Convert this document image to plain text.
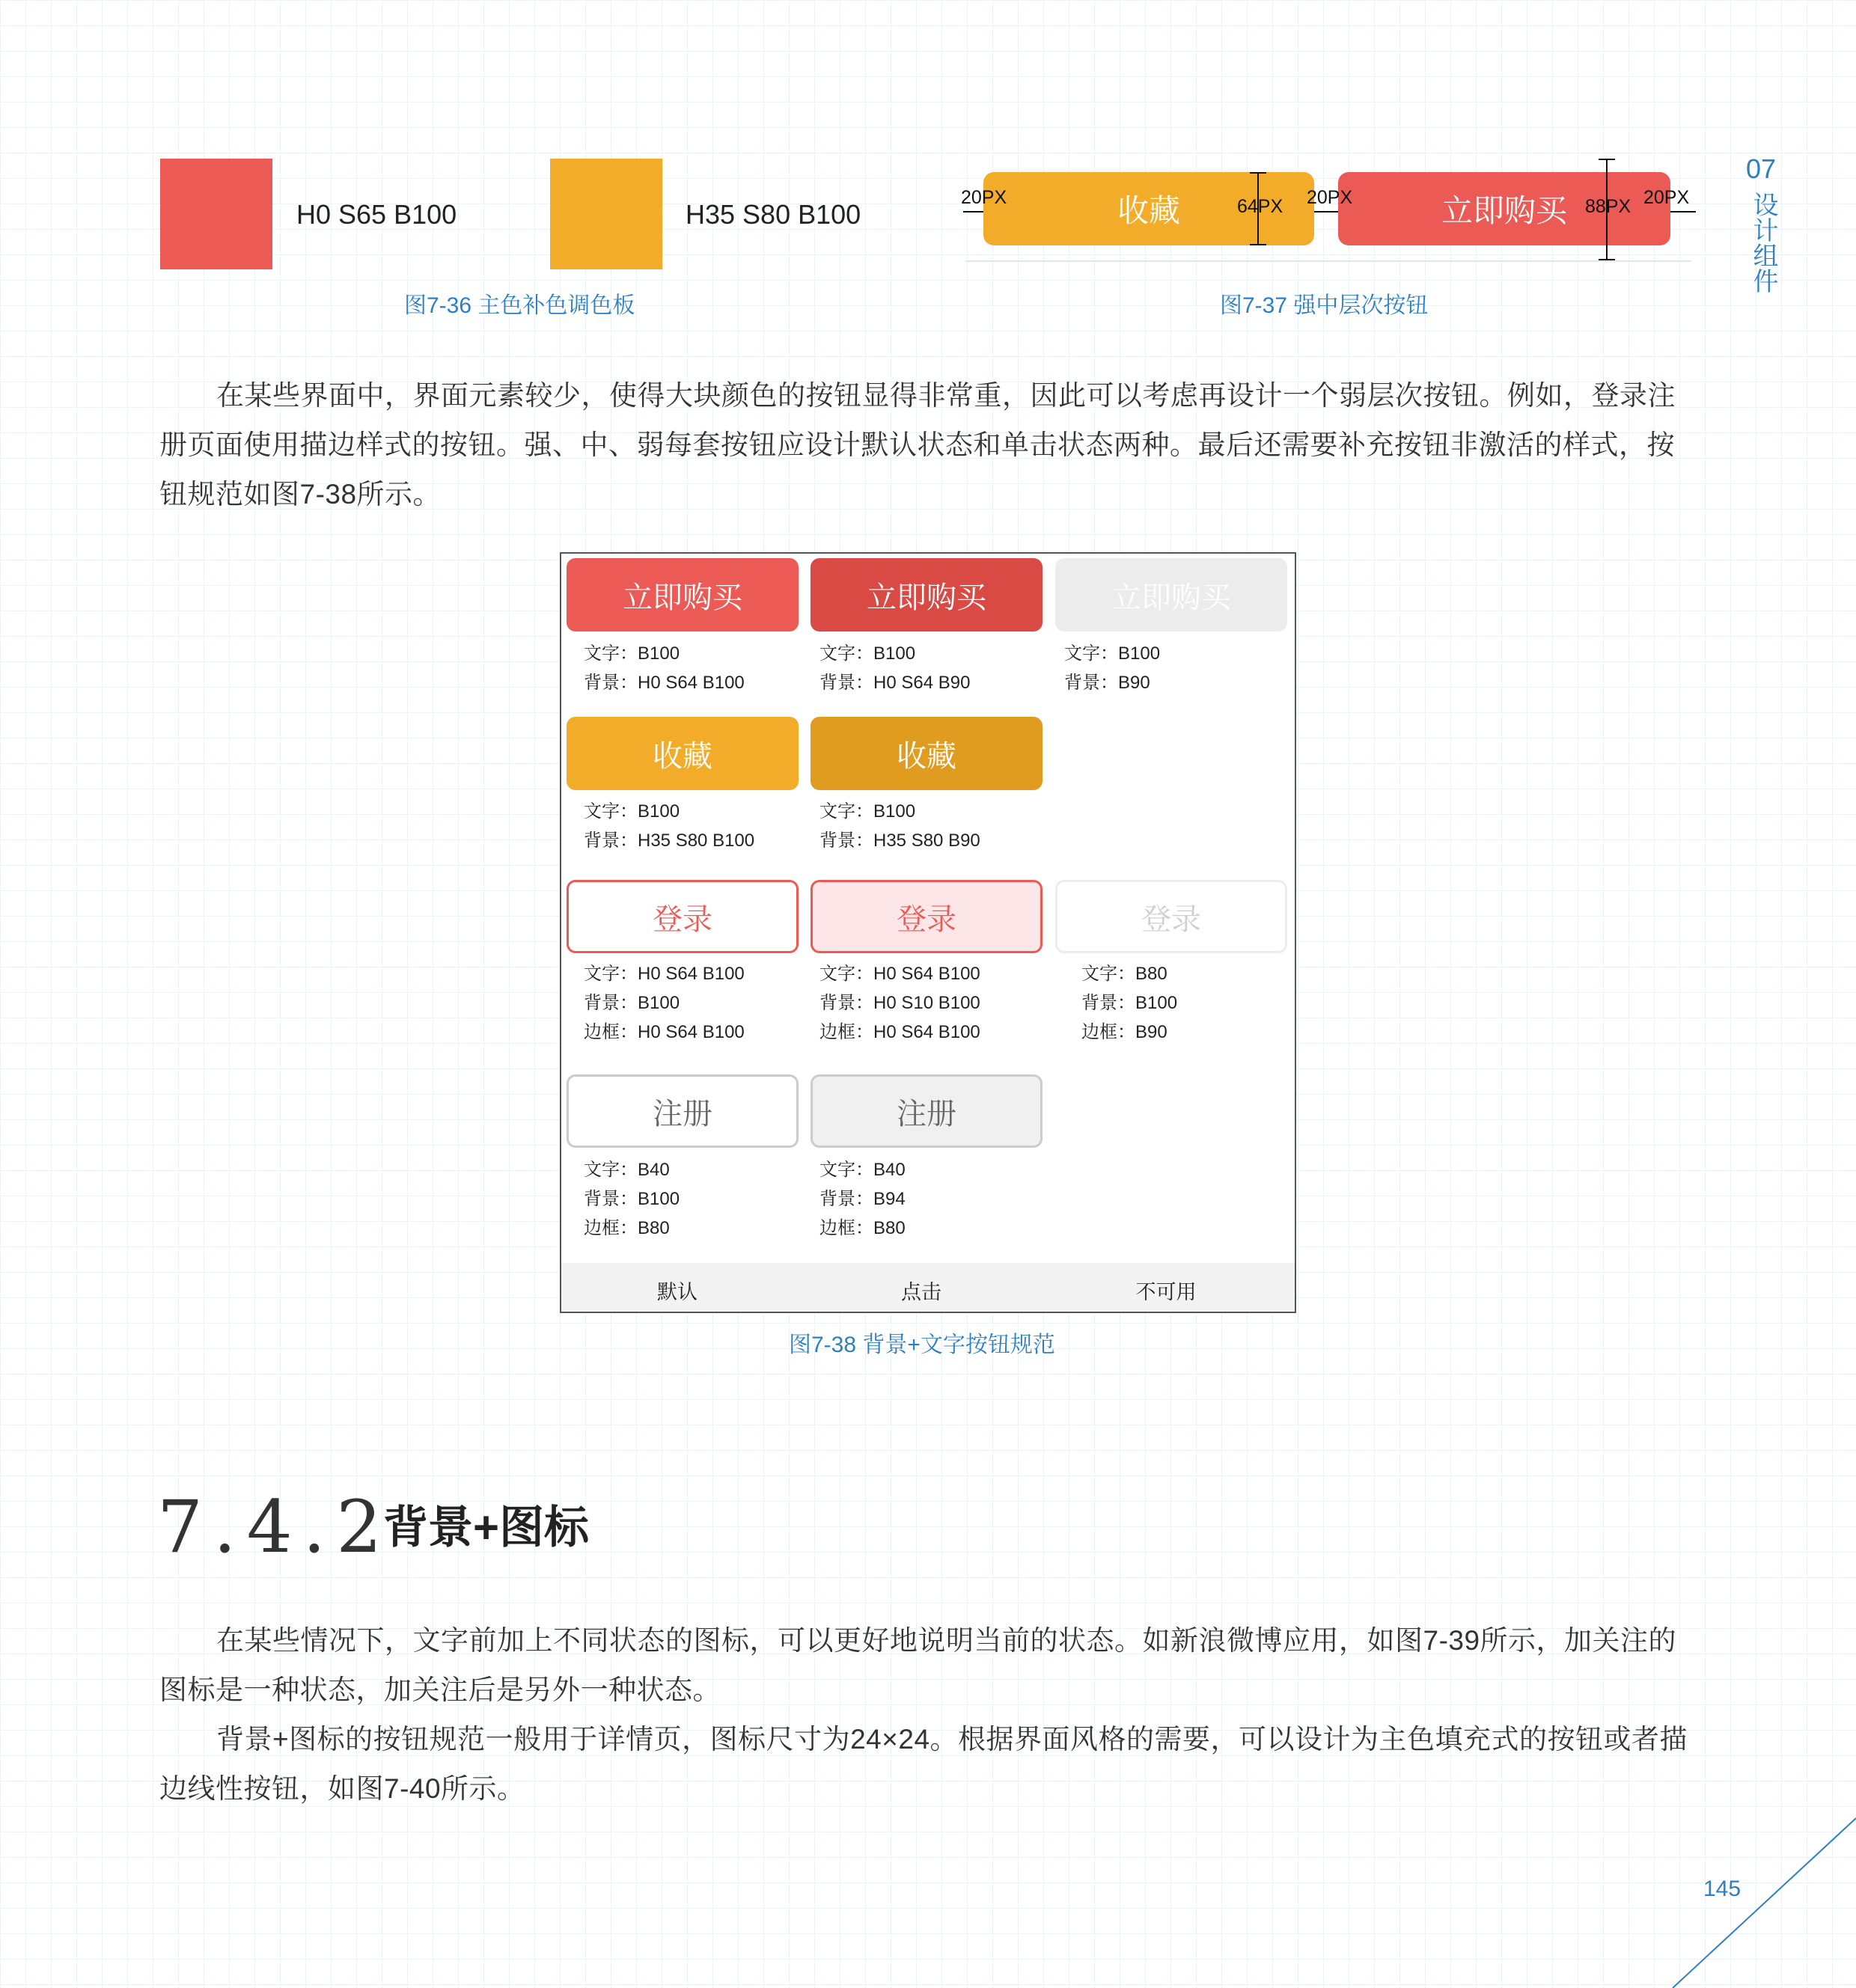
07
设计组件
H0 S65 B100	H35 S80 B100
图7-36 主色补色调色板
收藏	立即购买
20PX	64PX 20PX	88PX 20PX
图7-37 强中层次按钮
在某些界面中，界面元素较少，使得大块颜色的按钮显得非常重，因此可以考虑再设计一个弱层次按钮。例如，登录注册页面使用描边样式的按钮。强、中、弱每套按钮应设计默认状态和单击状态两种。最后还需要补充按钮非激活的样式，按钮规范如图7-38所示。
立即购买	立即购买	立即购买
文字：B100
背景：H0 S64 B100
文字：B100
背景：H0 S64 B90
文字：B100
背景：B90
收藏	收藏
文字：B100
背景：H35 S80 B100
文字：B100
背景：H35 S80 B90
登录	登录	登录
文字：H0 S64 B100
背景：B100
边框：H0 S64 B100
文字：H0 S64 B100
背景：H0 S10 B100
边框：H0 S64 B100
文字：B80
背景：B100
边框：B90
注册	注册
文字：B40
背景：B100
边框：B80
文字：B40
背景：B94
边框：B80
默认	点击	不可用
图7-38 背景+文字按钮规范
7.4.2
背景+图标
在某些情况下，文字前加上不同状态的图标，可以更好地说明当前的状态。如新浪微博应用，如图7-39所示，加关注的图标是一种状态，加关注后是另外一种状态。
背景+图标的按钮规范一般用于详情页，图标尺寸为24×24。根据界面风格的需要，可以设计为主色填充式的按钮或者描边线性按钮，如图7-40所示。
145
